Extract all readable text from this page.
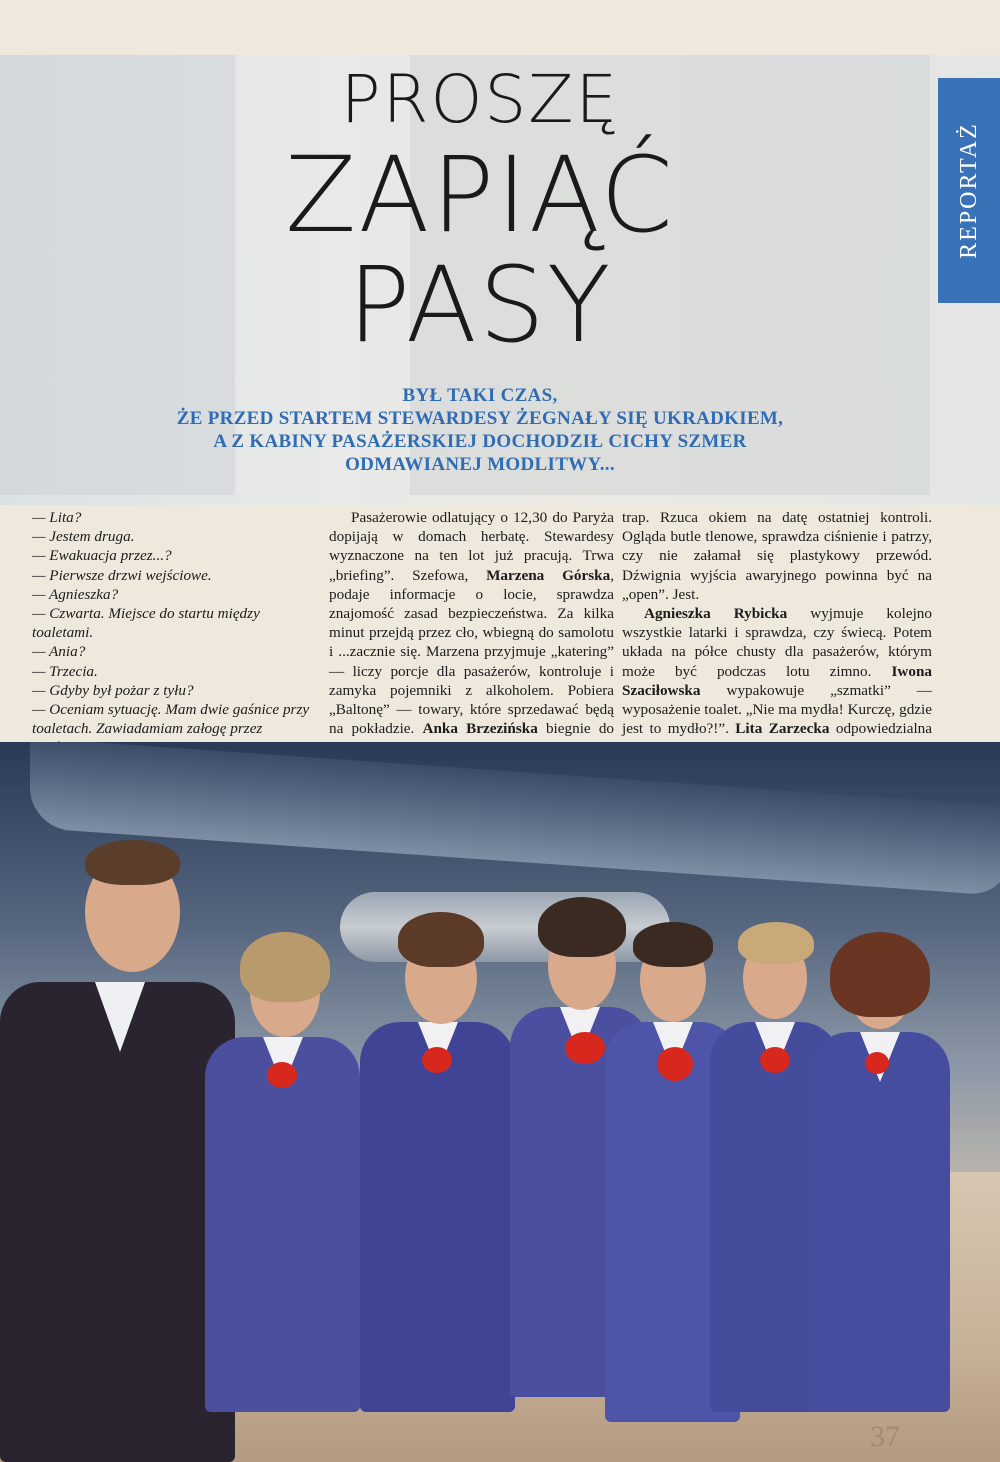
REPORTAŻ
PROSZĘ
ZAPIĄĆ
PASY
BYŁ TAKI CZAS,
ŻE PRZED STARTEM STEWARDESY ŻEGNAŁY SIĘ UKRADKIEM,
A Z KABINY PASAŻERSKIEJ DOCHODZIŁ CICHY SZMER
ODMAWIANEJ MODLITWY...

— Lita?

— Jestem druga.

— Ewakuacja przez...?

— Pierwsze drzwi wejściowe.

— Agnieszka?

— Czwarta. Miejsce do startu między toaletami.

— Ania?

— Trzecia.

— Gdyby był pożar z tyłu?

— Oceniam sytuację. Mam dwie gaśnice przy toaletach. Zawiadamiam załogę przez

Pasażerowie odlatujący o 12,30 do Paryża dopijają w domach herbatę. Stewardesy wyznaczone na ten lot już pracują. Trwa „briefing”. Szefowa, Marzena Górska, podaje informacje o locie, sprawdza znajomość zasad bezpieczeństwa. Za kilka minut przejdą przez cło, wbiegną do samolotu i ...zacznie się. Marzena przyjmuje „katering” — liczy porcje dla pasażerów, kontroluje i zamyka pojemniki z alkoholem. Pobiera „Baltonę” — towary, które sprzedawać będą na pokładzie. Anka Brzezińska biegnie do

trap. Rzuca okiem na datę ostatniej kontroli. Ogląda butle tlenowe, sprawdza ciśnienie i patrzy, czy nie załamał się plastykowy przewód. Dźwignia wyjścia awaryjnego powinna być na „open”. Jest.

Agnieszka Rybicka wyjmuje kolejno wszystkie latarki i sprawdza, czy świecą. Potem układa na półce chusty dla pasażerów, którym może być podczas lotu zimno. Iwona Szaciłowska wypakowuje „szmatki” — wyposażenie toalet. „Nie ma mydła! Kurczę, gdzie jest to mydło?!”. Lita Zarzecka odpowiedzialna

37
